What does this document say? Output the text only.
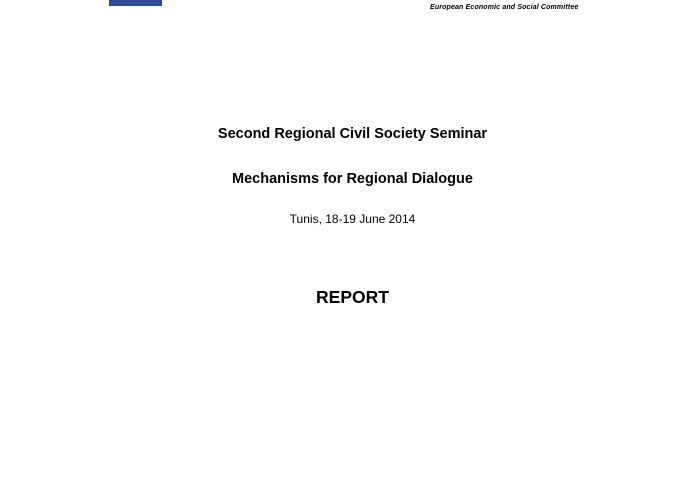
European Economic and Social Committee
Second Regional Civil Society Seminar
Mechanisms for Regional Dialogue
Tunis, 18-19 June 2014
REPORT
